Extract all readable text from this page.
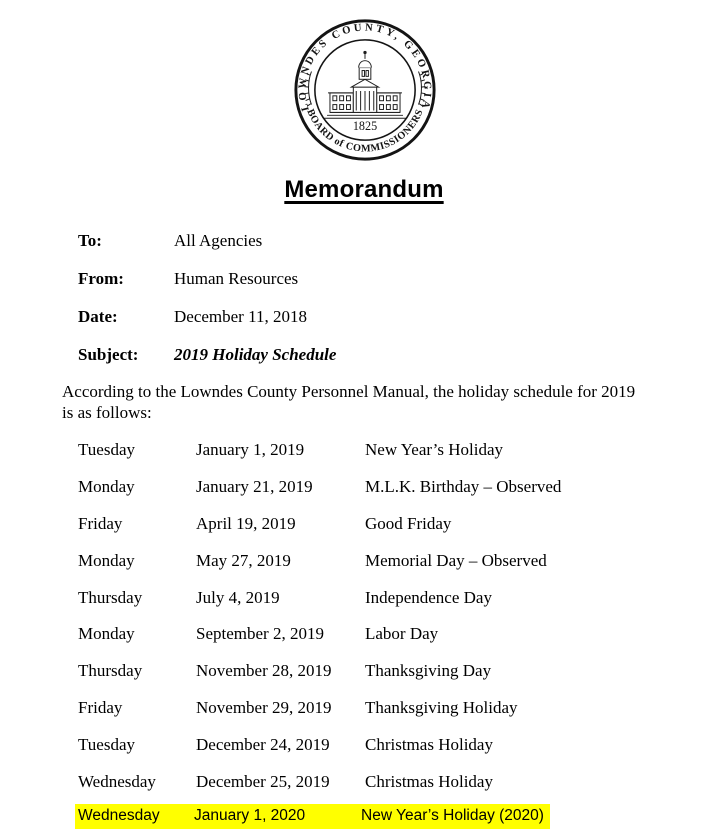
LOWNDES COUNTY, GEORGIA
BOARD of COMMISSIONERS
1825
Memorandum
To:	All Agencies
From:	Human Resources
Date:	December 11, 2018
Subject:	2019 Holiday Schedule
According to the Lowndes County Personnel Manual, the holiday schedule for 2019
is as follows:
Tuesday	January 1, 2019	New Year’s Holiday
Monday	January 21, 2019	M.L.K. Birthday – Observed
Friday	April 19, 2019	Good Friday
Monday	May 27, 2019	Memorial Day – Observed
Thursday	July 4, 2019	Independence Day
Monday	September 2, 2019	Labor Day
Thursday	November 28, 2019	Thanksgiving Day
Friday	November 29, 2019	Thanksgiving Holiday
Tuesday	December 24, 2019	Christmas Holiday
Wednesday	December 25, 2019	Christmas Holiday
Wednesday	January 1, 2020	New Year’s Holiday (2020)
